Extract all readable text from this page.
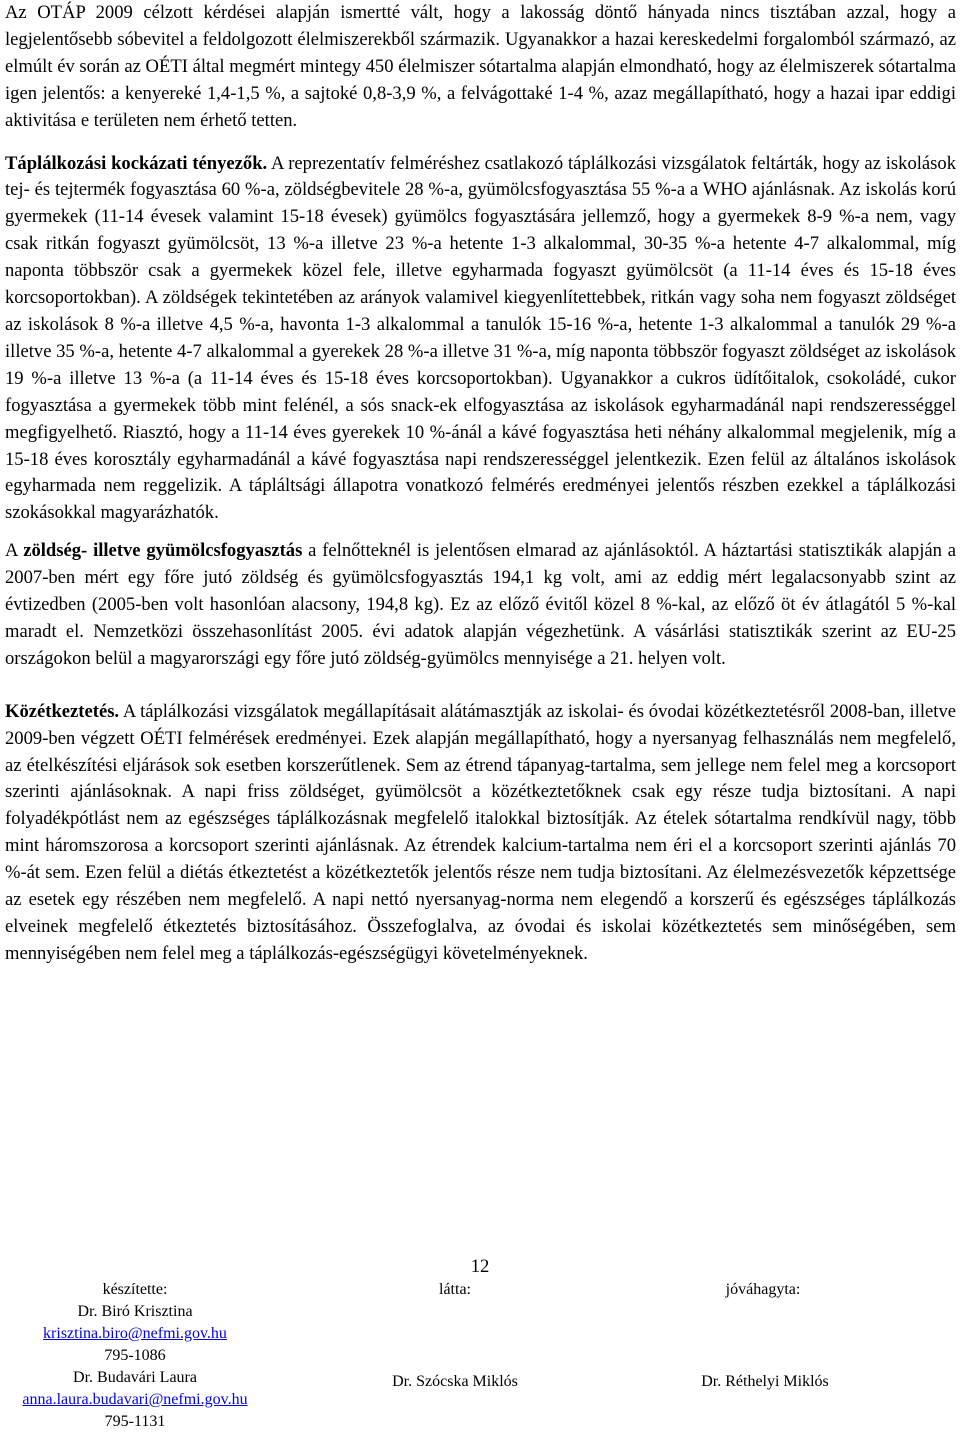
Az OTÁP 2009 célzott kérdései alapján ismertté vált, hogy a lakosság döntő hányada nincs tisztában azzal, hogy a legjelentősebb sóbevitel a feldolgozott élelmiszerekből származik. Ugyanakkor a hazai kereskedelmi forgalomból származó, az elmúlt év során az OÉTI által megmért mintegy 450 élelmiszer sótartalma alapján elmondható, hogy az élelmiszerek sótartalma igen jelentős: a kenyereké 1,4-1,5 %, a sajtoké 0,8-3,9 %, a felvágottaké 1-4 %, azaz megállapítható, hogy a hazai ipar eddigi aktivitása e területen nem érhető tetten.

Táplálkozási kockázati tényezők. A reprezentatív felméréshez csatlakozó táplálkozási vizsgálatok feltárták, hogy az iskolások tej- és tejtermék fogyasztása 60 %-a, zöldségbevitele 28 %-a, gyümölcsfogyasztása 55 %-a a WHO ajánlásnak. Az iskolás korú gyermekek (11-14 évesek valamint 15-18 évesek) gyümölcs fogyasztására jellemző, hogy a gyermekek 8-9 %-a nem, vagy csak ritkán fogyaszt gyümölcsöt, 13 %-a illetve 23 %-a hetente 1-3 alkalommal, 30-35 %-a hetente 4-7 alkalommal, míg naponta többször csak a gyermekek közel fele, illetve egyharmada fogyaszt gyümölcsöt (a 11-14 éves és 15-18 éves korcsoportokban). A zöldségek tekintetében az arányok valamivel kiegyenlítettebbek, ritkán vagy soha nem fogyaszt zöldséget az iskolások 8 %-a illetve 4,5 %-a, havonta 1-3 alkalommal a tanulók 15-16 %-a, hetente 1-3 alkalommal a tanulók 29 %-a illetve 35 %-a, hetente 4-7 alkalommal a gyerekek 28 %-a illetve 31 %-a, míg naponta többször fogyaszt zöldséget az iskolások 19 %-a illetve 13 %-a (a 11-14 éves és 15-18 éves korcsoportokban). Ugyanakkor a cukros üdítőitalok, csokoládé, cukor fogyasztása a gyermekek több mint felénél, a sós snack-ek elfogyasztása az iskolások egyharmadánál napi rendszerességgel megfigyelhető. Riasztó, hogy a 11-14 éves gyerekek 10 %-ánál a kávé fogyasztása heti néhány alkalommal megjelenik, míg a 15-18 éves korosztály egyharmadánál a kávé fogyasztása napi rendszerességgel jelentkezik. Ezen felül az általános iskolások egyharmada nem reggelizik. A tápláltsági állapotra vonatkozó felmérés eredményei jelentős részben ezekkel a táplálkozási szokásokkal magyarázhatók.

A zöldség- illetve gyümölcsfogyasztás a felnőtteknél is jelentősen elmarad az ajánlásoktól. A háztartási statisztikák alapján a 2007-ben mért egy főre jutó zöldség és gyümölcsfogyasztás 194,1 kg volt, ami az eddig mért legalacsonyabb szint az évtizedben (2005-ben volt hasonlóan alacsony, 194,8 kg). Ez az előző évitől közel 8 %-kal, az előző öt év átlagától 5 %-kal maradt el. Nemzetközi összehasonlítást 2005. évi adatok alapján végezhetünk. A vásárlási statisztikák szerint az EU-25 országokon belül a magyarországi egy főre jutó zöldség-gyümölcs mennyisége a 21. helyen volt.

Közétkeztetés. A táplálkozási vizsgálatok megállapításait alátámasztják az iskolai- és óvodai közétkeztetésről 2008-ban, illetve 2009-ben végzett OÉTI felmérések eredményei. Ezek alapján megállapítható, hogy a nyersanyag felhasználás nem megfelelő, az ételkészítési eljárások sok esetben korszerűtlenek. Sem az étrend tápanyag-tartalma, sem jellege nem felel meg a korcsoport szerinti ajánlásoknak. A napi friss zöldséget, gyümölcsöt a közétkeztetőknek csak egy része tudja biztosítani. A napi folyadékpótlást nem az egészséges táplálkozásnak megfelelő italokkal biztosítják. Az ételek sótartalma rendkívül nagy, több mint háromszorosa a korcsoport szerinti ajánlásnak. Az étrendek kalcium-tartalma nem éri el a korcsoport szerinti ajánlás 70 %-át sem. Ezen felül a diétás étkeztetést a közétkeztetők jelentős része nem tudja biztosítani. Az élelmezésvezetők képzettsége az esetek egy részében nem megfelelő. A napi nettó nyersanyag-norma nem elegendő a korszerű és egészséges táplálkozás elveinek megfelelő étkeztetés biztosításához. Összefoglalva, az óvodai és iskolai közétkeztetés sem minőségében, sem mennyiségében nem felel meg a táplálkozás-egészségügyi követelményeknek.

12
készítette:
Dr. Biró Krisztina
krisztina.biro@nefmi.gov.hu
795-1086
Dr. Budavári Laura
anna.laura.budavari@nefmi.gov.hu
795-1131
látta:	jóváhagyta:
Dr. Szócska Miklós	Dr. Réthelyi Miklós
